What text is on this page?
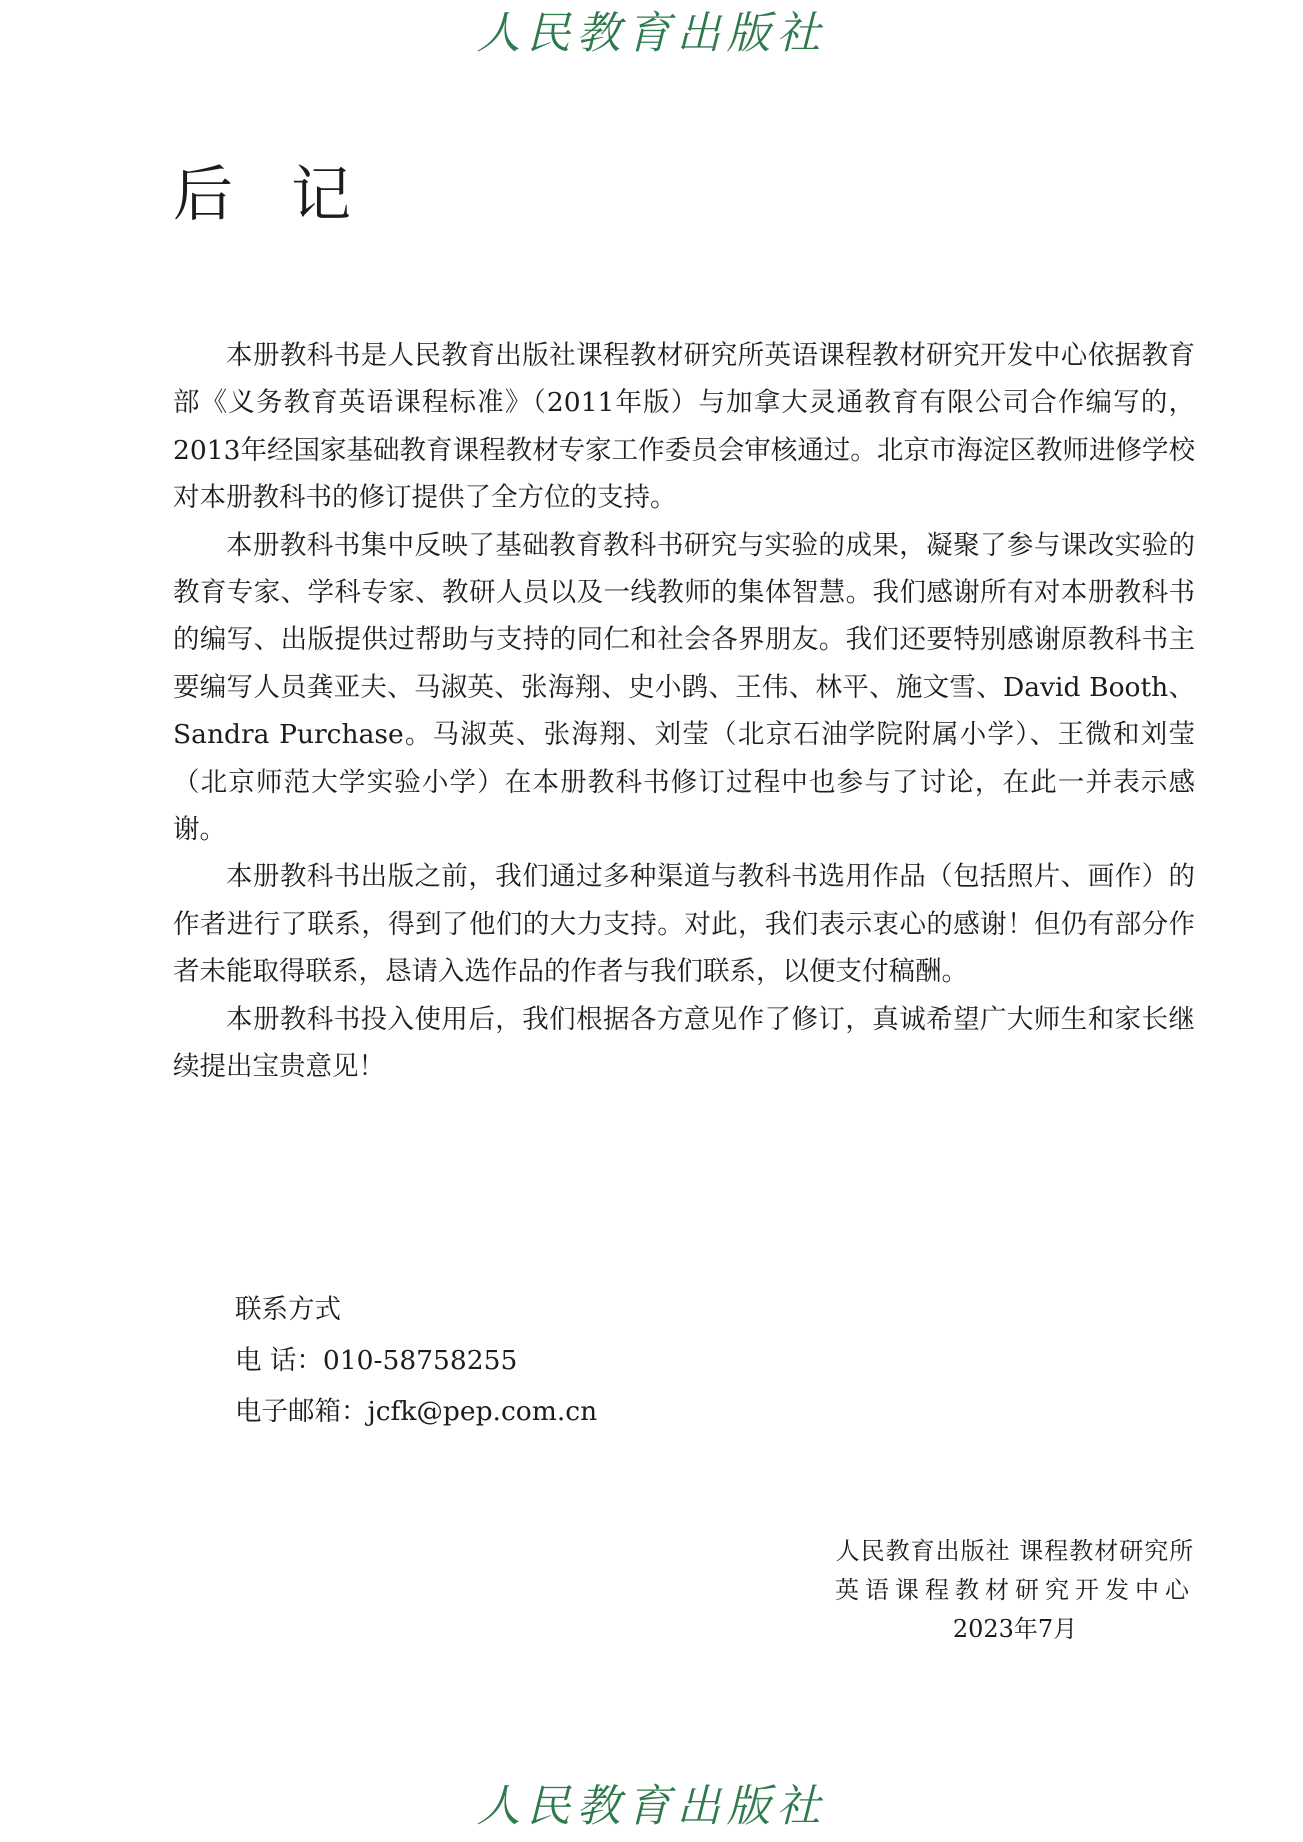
人民教育出版社
后记

本册教科书是人民教育出版社课程教材研究所英语课程教材研究开发中心依据教育部《义务教育英语课程标准》（2011年版）与加拿大灵通教育有限公司合作编写的，2013年经国家基础教育课程教材专家工作委员会审核通过。北京市海淀区教师进修学校对本册教科书的修订提供了全方位的支持。

本册教科书集中反映了基础教育教科书研究与实验的成果，凝聚了参与课改实验的教育专家、学科专家、教研人员以及一线教师的集体智慧。我们感谢所有对本册教科书的编写、出版提供过帮助与支持的同仁和社会各界朋友。我们还要特别感谢原教科书主要编写人员龚亚夫、马淑英、张海翔、史小鹍、王伟、林平、施文雪、David Booth、Sandra Purchase。马淑英、张海翔、刘莹（北京石油学院附属小学）、王微和刘莹（北京师范大学实验小学）在本册教科书修订过程中也参与了讨论，在此一并表示感谢。

本册教科书出版之前，我们通过多种渠道与教科书选用作品（包括照片、画作）的作者进行了联系，得到了他们的大力支持。对此，我们表示衷心的感谢！但仍有部分作者未能取得联系，恳请入选作品的作者与我们联系，以便支付稿酬。

本册教科书投入使用后，我们根据各方意见作了修订，真诚希望广大师生和家长继续提出宝贵意见！

联系方式
电 话：010-58758255
电子邮箱：jcfk@pep.com.cn
人民教育出版社 课程教材研究所
英语课程教材研究开发中心
2023年7月
人民教育出版社
